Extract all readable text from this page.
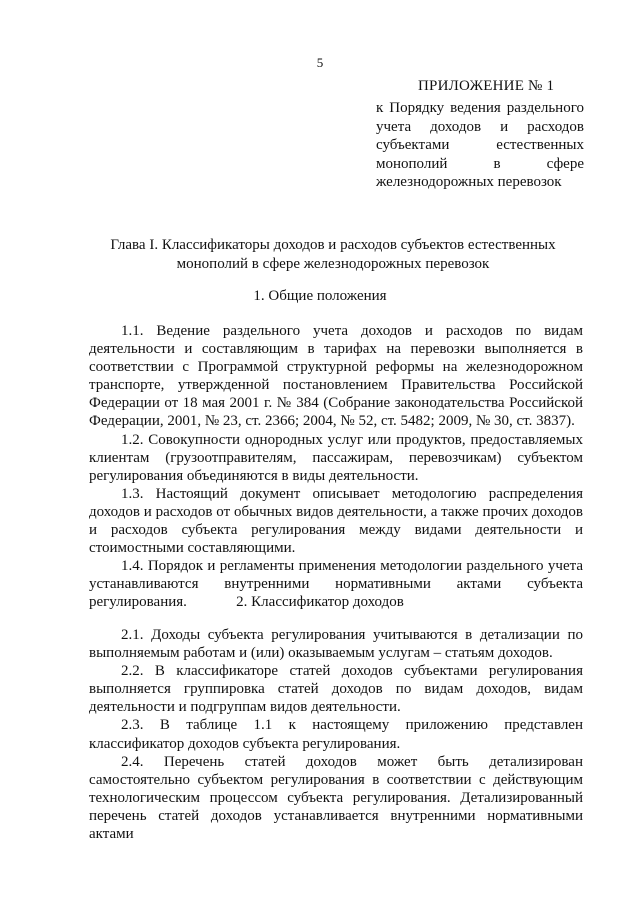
5
ПРИЛОЖЕНИЕ № 1
к Порядку ведения раздельного учета доходов и расходов субъектами естественных монополий в сфере железнодорожных перевозок
Глава I. Классификаторы доходов и расходов субъектов естественных монополий в сфере железнодорожных перевозок
1. Общие положения

1.1. Ведение раздельного учета доходов и расходов по видам деятельности и составляющим в тарифах на перевозки выполняется в соответствии с Программой структурной реформы на железнодорожном транспорте, утвержденной постановлением Правительства Российской Федерации от 18 мая 2001 г. № 384 (Собрание законодательства Российской Федерации, 2001, № 23, ст. 2366; 2004, № 52, ст. 5482; 2009, № 30, ст. 3837).

1.2. Совокупности однородных услуг или продуктов, предоставляемых клиентам (грузоотправителям, пассажирам, перевозчикам) субъектом регулирования объединяются в виды деятельности.

1.3. Настоящий документ описывает методологию распределения доходов и расходов от обычных видов деятельности, а также прочих доходов и расходов субъекта регулирования между видами деятельности и стоимостными составляющими.

1.4. Порядок и регламенты применения методологии раздельного учета устанавливаются внутренними нормативными актами субъекта регулирования.	2. Классификатор доходов

2.1. Доходы субъекта регулирования учитываются в детализации по выполняемым работам и (или) оказываемым услугам – статьям доходов.

2.2. В классификаторе статей доходов субъектами регулирования выполняется группировка статей доходов по видам доходов, видам деятельности и подгруппам видов деятельности.

2.3. В таблице 1.1 к настоящему приложению представлен классификатор доходов субъекта регулирования.

2.4. Перечень статей доходов может быть детализирован самостоятельно субъектом регулирования в соответствии с действующим технологическим процессом субъекта регулирования. Детализированный перечень статей доходов устанавливается внутренними нормативными актами
